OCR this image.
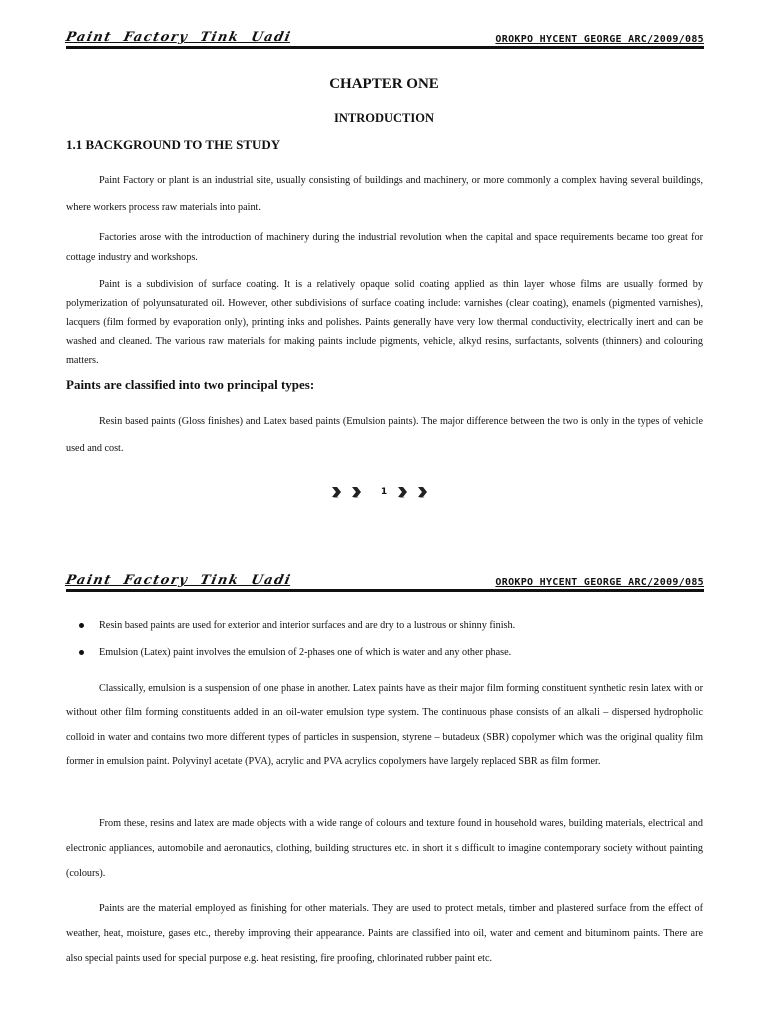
Paint Factory Tink Uadi	OROKPO HYCENT GEORGE ARC/2009/085
CHAPTER ONE
INTRODUCTION
1.1 BACKGROUND TO THE STUDY

Paint Factory or plant is an industrial site, usually consisting of buildings and machinery, or more commonly a complex having several buildings, where workers process raw materials into paint.

Factories arose with the introduction of machinery during the industrial revolution when the capital and space requirements became too great for cottage industry and workshops.

Paint is a subdivision of surface coating. It is a relatively opaque solid coating applied as thin layer whose films are usually formed by polymerization of polyunsaturated oil. However, other subdivisions of surface coating include: varnishes (clear coating), enamels (pigmented varnishes), lacquers (film formed by evaporation only), printing inks and polishes. Paints generally have very low thermal conductivity, electrically inert and can be washed and cleaned. The various raw materials for making paints include pigments, vehicle, alkyd resins, surfactants, solvents (thinners) and colouring matters.

Paints are classified into two principal types:

Resin based paints (Gloss finishes) and Latex based paints (Emulsion paints). The major difference between the two is only in the types of vehicle used and cost.

1
Paint Factory Tink Uadi	OROKPO HYCENT GEORGE ARC/2009/085
Resin based paints are used for exterior and interior surfaces and are dry to a lustrous or shinny finish.
Emulsion (Latex) paint involves the emulsion of 2-phases one of which is water and any other phase.

Classically, emulsion is a suspension of one phase in another. Latex paints have as their major film forming constituent synthetic resin latex with or without other film forming constituents added in an oil-water emulsion type system. The continuous phase consists of an alkali – dispersed hydropholic colloid in water and contains two more different types of particles in suspension, styrene – butadeux (SBR) copolymer which was the original quality film former in emulsion paint. Polyvinyl acetate (PVA), acrylic and PVA acrylics copolymers have largely replaced SBR as film former.

From these, resins and latex are made objects with a wide range of colours and texture found in household wares, building materials, electrical and electronic appliances, automobile and aeronautics, clothing, building structures etc. in short it s difficult to imagine contemporary society without painting (colours).

Paints are the material employed as finishing for other materials. They are used to protect metals, timber and plastered surface from the effect of weather, heat, moisture, gases etc., thereby improving their appearance. Paints are classified into oil, water and cement and bituminom paints. There are also special paints used for special purpose e.g. heat resisting, fire proofing, chlorinated rubber paint etc.
